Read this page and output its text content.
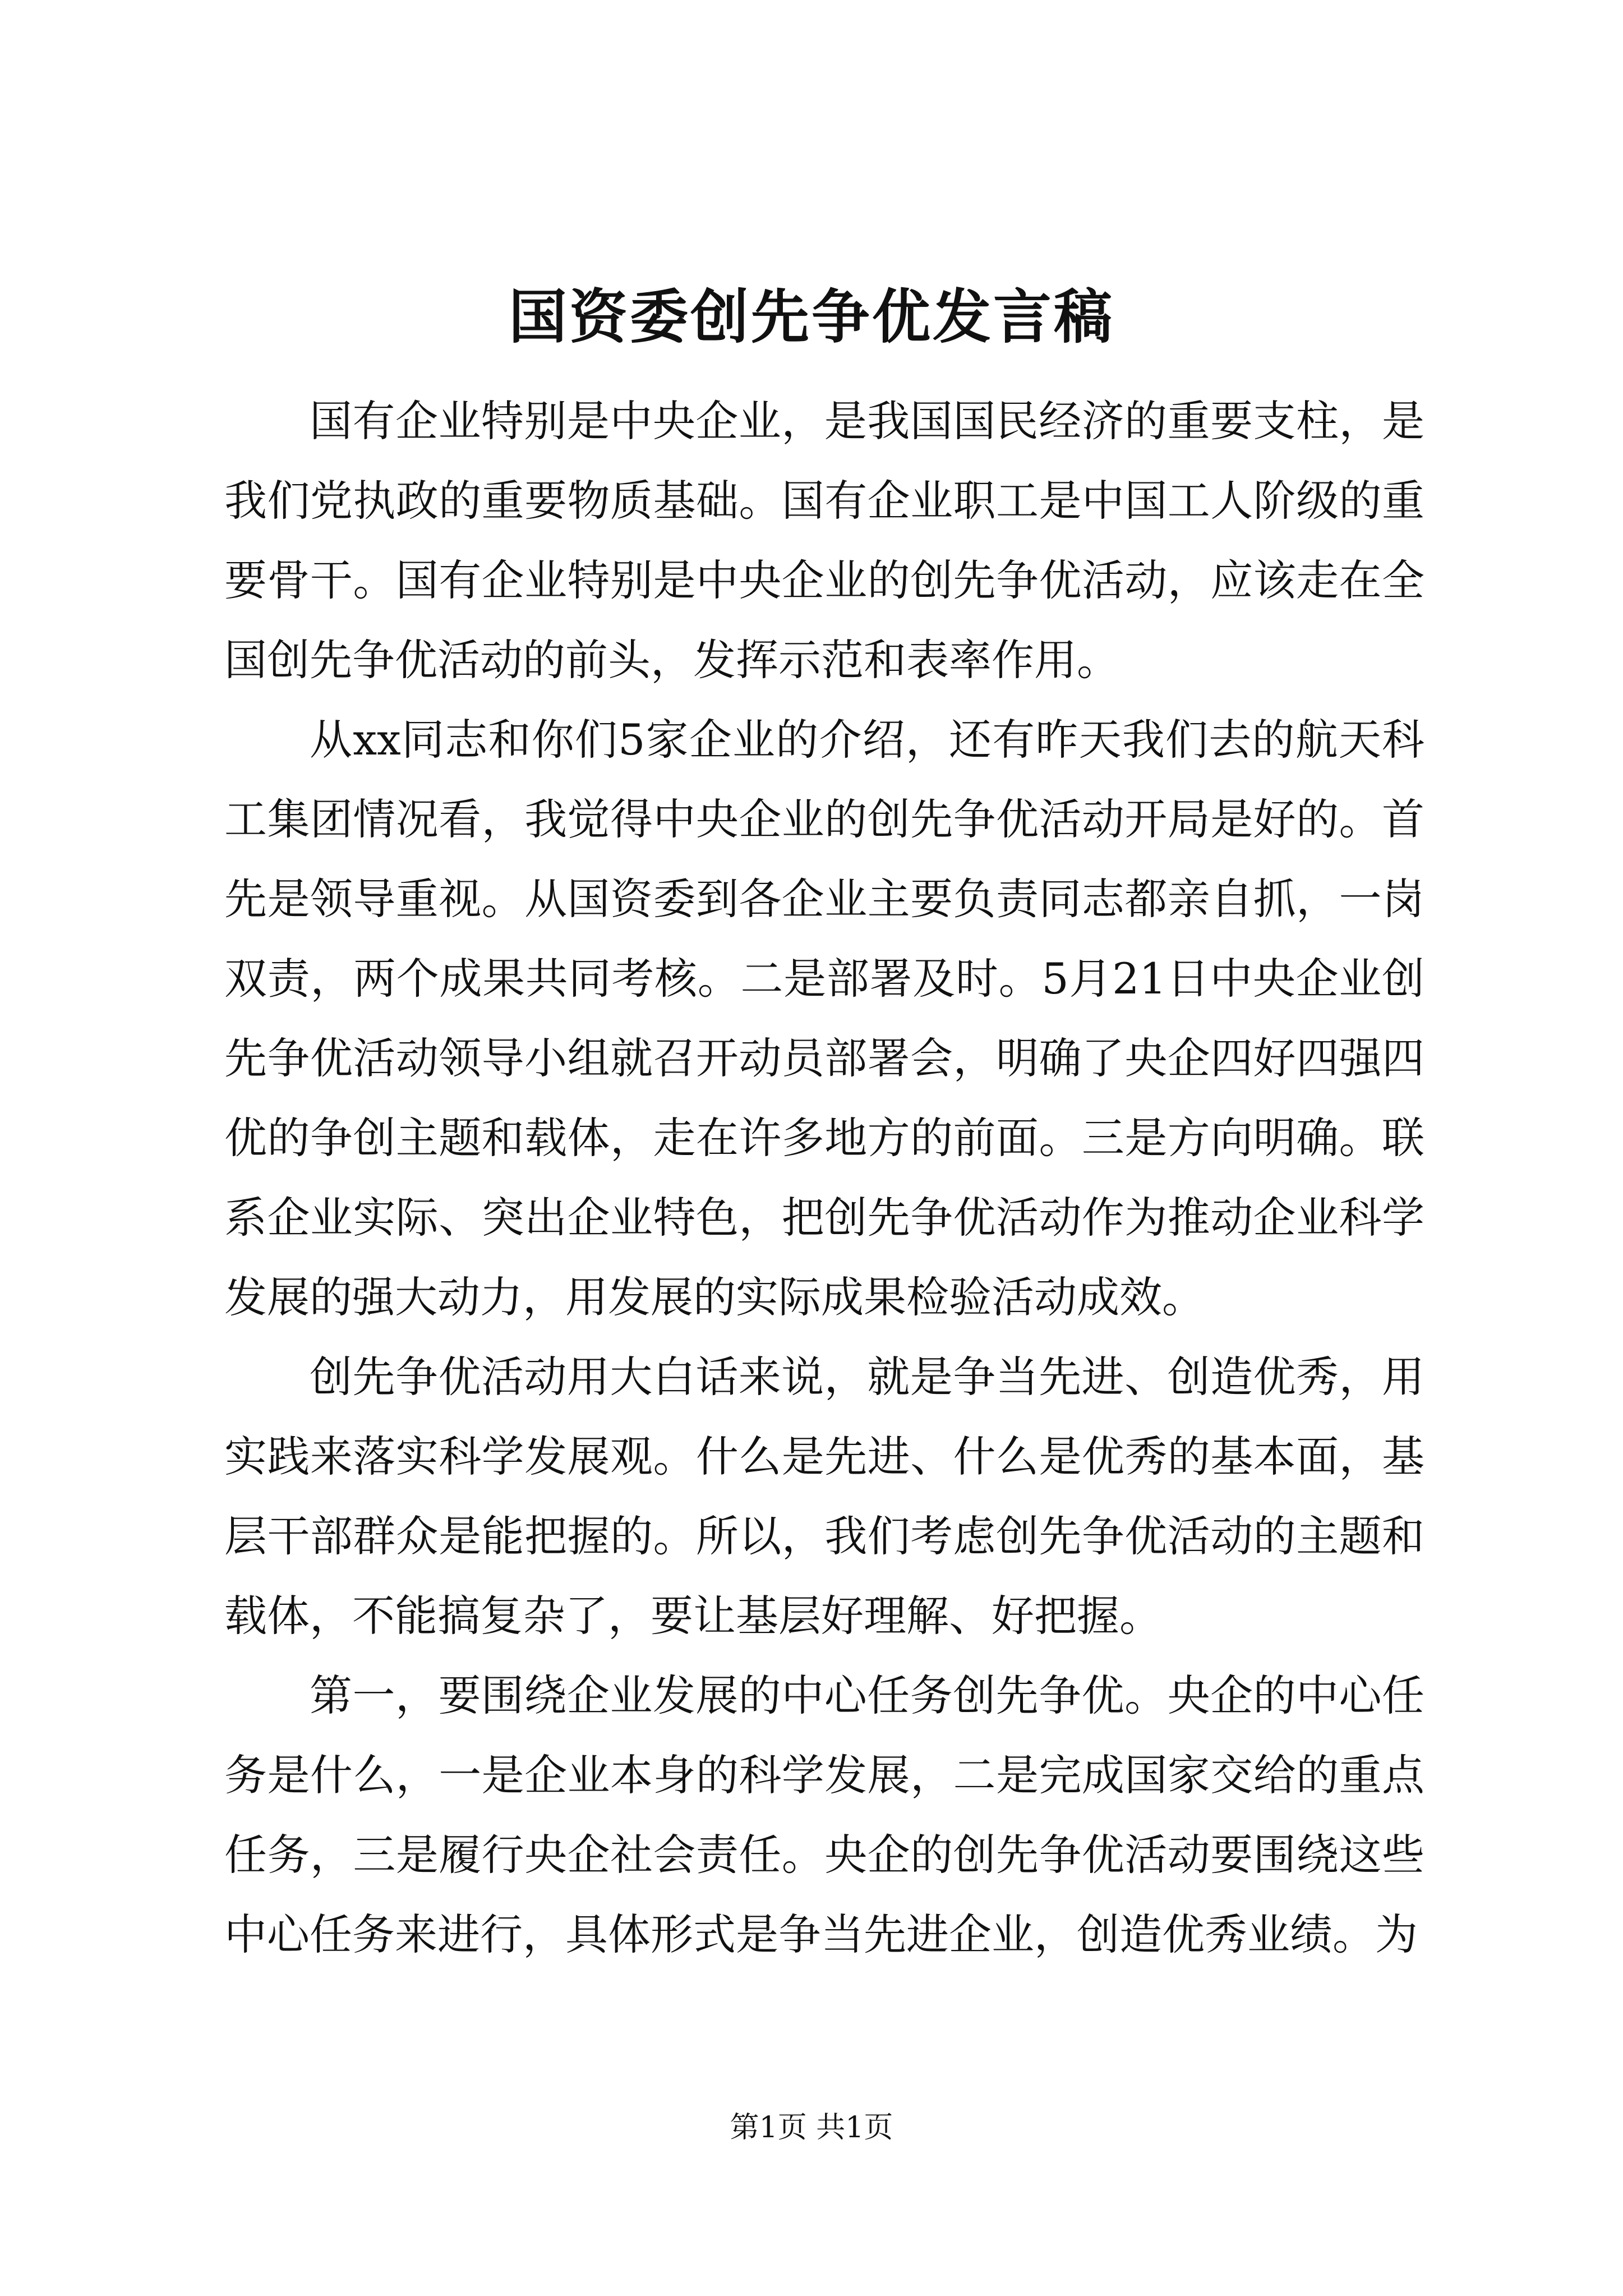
国资委创先争优发言稿

国有企业特别是中央企业，是我国国民经济的重要支柱，是我们党执政的重要物质基础。国有企业职工是中国工人阶级的重要骨干。国有企业特别是中央企业的创先争优活动，应该走在全国创先争优活动的前头，发挥示范和表率作用。

从xx同志和你们5家企业的介绍，还有昨天我们去的航天科工集团情况看，我觉得中央企业的创先争优活动开局是好的。首先是领导重视。从国资委到各企业主要负责同志都亲自抓，一岗双责，两个成果共同考核。二是部署及时。5月21日中央企业创先争优活动领导小组就召开动员部署会，明确了央企四好四强四优的争创主题和载体，走在许多地方的前面。三是方向明确。联系企业实际、突出企业特色，把创先争优活动作为推动企业科学发展的强大动力，用发展的实际成果检验活动成效。

创先争优活动用大白话来说，就是争当先进、创造优秀，用实践来落实科学发展观。什么是先进、什么是优秀的基本面，基层干部群众是能把握的。所以，我们考虑创先争优活动的主题和载体，不能搞复杂了，要让基层好理解、好把握。

第一，要围绕企业发展的中心任务创先争优。央企的中心任务是什么，一是企业本身的科学发展，二是完成国家交给的重点任务，三是履行央企社会责任。央企的创先争优活动要围绕这些中心任务来进行，具体形式是争当先进企业，创造优秀业绩。为

第1页 共1页
